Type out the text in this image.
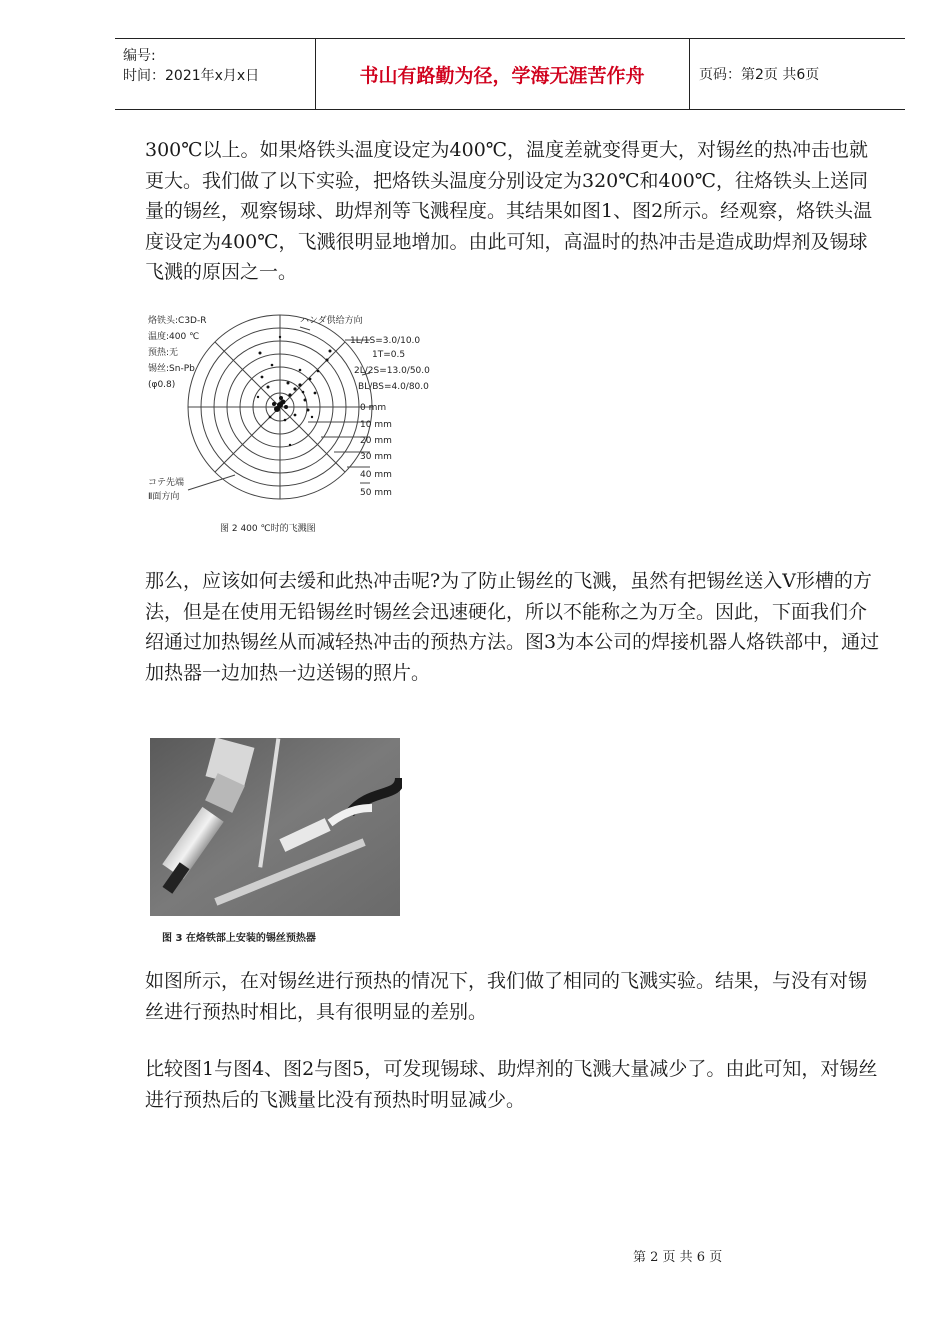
编号:
时间：2021年x月x日	书山有路勤为径，学海无涯苦作舟	页码：第2页 共6页

300℃以上。如果烙铁头温度设定为400℃，温度差就变得更大，对锡丝的热冲击也就更大。我们做了以下实验，把烙铁头温度分别设定为320℃和400℃，往烙铁头上送同量的锡丝，观察锡球、助焊剂等飞溅程度。其结果如图1、图2所示。经观察，烙铁头温度设定为400℃，飞溅很明显地增加。由此可知，高温时的热冲击是造成助焊剂及锡球飞溅的原因之一。

烙铁头:C3D-R
温度:400 ℃
预热:无
锡丝:Sn-Pb
(φ0.8)
ハンダ供给方向
1L/1S=3.0/10.0
1T=0.5
2L/2S=13.0/50.0
BL/BS=4.0/80.0
0 mm
10 mm
20 mm
30 mm
40 mm
50 mm
コテ先端
Ⅱ面方向
图 2 400 ℃时的飞溅图

那么，应该如何去缓和此热冲击呢?为了防止锡丝的飞溅，虽然有把锡丝送入V形槽的方法，但是在使用无铅锡丝时锡丝会迅速硬化，所以不能称之为万全。因此，下面我们介绍通过加热锡丝从而减轻热冲击的预热方法。图3为本公司的焊接机器人烙铁部中，通过加热器一边加热一边送锡的照片。

图 3 在烙铁部上安装的锡丝预热器

如图所示，在对锡丝进行预热的情况下，我们做了相同的飞溅实验。结果，与没有对锡丝进行预热时相比，具有很明显的差别。

比较图1与图4、图2与图5，可发现锡球、助焊剂的飞溅大量减少了。由此可知，对锡丝进行预热后的飞溅量比没有预热时明显减少。

第 2 页 共 6 页
